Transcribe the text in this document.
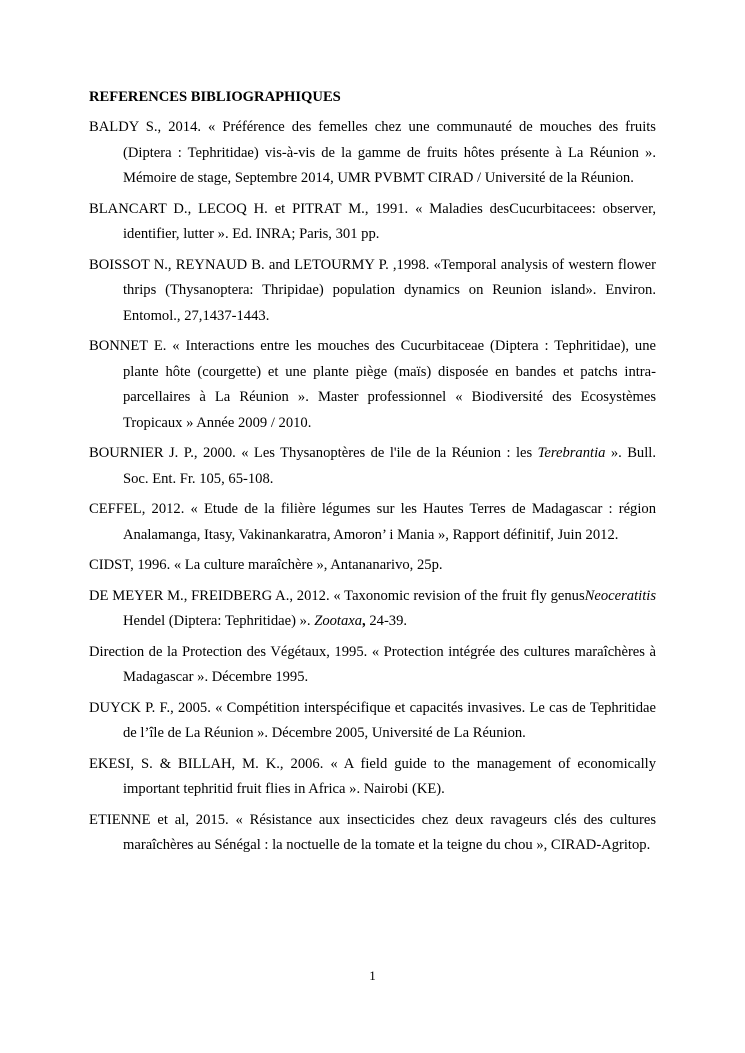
REFERENCES BIBLIOGRAPHIQUES
BALDY S., 2014. « Préférence des femelles chez une communauté de mouches des fruits (Diptera : Tephritidae) vis-à-vis de la gamme de fruits hôtes présente à La Réunion ». Mémoire de stage, Septembre 2014, UMR PVBMT CIRAD / Université de la Réunion.
BLANCART D., LECOQ H. et PITRAT M., 1991. « Maladies desCucurbitacees: observer, identifier, lutter ». Ed. INRA; Paris, 301 pp.
BOISSOT N., REYNAUD B. and LETOURMY P. ,1998. «Temporal analysis of western flower thrips (Thysanoptera: Thripidae) population dynamics on Reunion island». Environ. Entomol., 27,1437-1443.
BONNET E. « Interactions entre les mouches des Cucurbitaceae (Diptera : Tephritidae), une plante hôte (courgette) et une plante piège (maïs) disposée en bandes et patchs intra-parcellaires à La Réunion ». Master professionnel « Biodiversité des Ecosystèmes Tropicaux » Année 2009 / 2010.
BOURNIER J. P., 2000. « Les Thysanoptères de l'ile de la Réunion : les Terebrantia ». Bull. Soc. Ent. Fr. 105, 65-108.
CEFFEL, 2012. « Etude de la filière légumes sur les Hautes Terres de Madagascar : région Analamanga, Itasy, Vakinankaratra, Amoron’ i Mania », Rapport définitif, Juin 2012.
CIDST, 1996. « La culture maraîchère », Antananarivo, 25p.
DE MEYER M., FREIDBERG A., 2012. « Taxonomic revision of the fruit fly genusNeoceratitis Hendel (Diptera: Tephritidae) ». Zootaxa, 24-39.
Direction de la Protection des Végétaux, 1995. « Protection intégrée des cultures maraîchères à Madagascar ». Décembre 1995.
DUYCK P. F., 2005. « Compétition interspécifique et capacités invasives. Le cas de Tephritidae de l’île de La Réunion ». Décembre 2005, Université de La Réunion.
EKESI, S. & BILLAH, M. K., 2006. « A field guide to the management of economically important tephritid fruit flies in Africa ». Nairobi (KE).
ETIENNE et al, 2015. « Résistance aux insecticides chez deux ravageurs clés des cultures maraîchères au Sénégal : la noctuelle de la tomate et la teigne du chou », CIRAD-Agritop.
1
